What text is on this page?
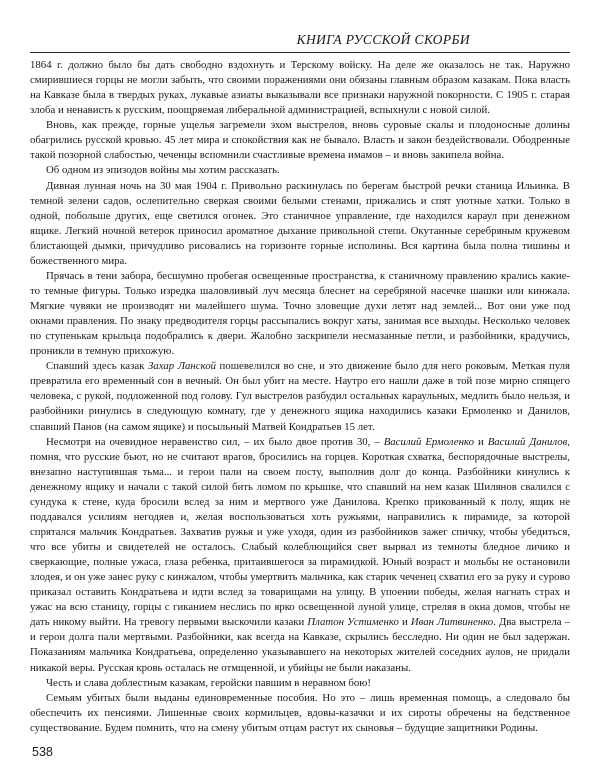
КНИГА РУССКОЙ СКОРБИ

1864 г. должно было бы дать свободно вздохнуть и Терскому войску. На деле же оказалось не так. Наружно смирившиеся горцы не могли забыть, что своими поражениями они обязаны главным образом казакам. Пока власть на Кавказе была в твердых руках, лукавые азиаты выказывали все признаки наружной покорности. С 1905 г. старая злоба и ненависть к русским, поощряемая либеральной администрацией, вспыхнули с новой силой.

Вновь, как прежде, горные ущелья загремели эхом выстрелов, вновь суровые скалы и плодоносные долины обагрились русской кровью. 45 лет мира и спокойствия как не бывало. Власть и закон бездействовали. Ободренные такой позорной слабостью, чеченцы вспомнили счастливые времена имамов – и вновь закипела война.

Об одном из эпизодов войны мы хотим рассказать.

Дивная лунная ночь на 30 мая 1904 г. Привольно раскинулась по берегам быстрой речки станица Ильинка. В темной зелени садов, ослепительно сверкая своими белыми стенами, прижались и спят уютные хатки. Только в одной, побольше других, еще светился огонек. Это станичное управление, где находился караул при денежном ящике. Легкий ночной ветерок приносил ароматное дыхание привольной степи. Окутанные серебряным кружевом блистающей дымки, причудливо рисовались на горизонте горные исполины. Вся картина была полна тишины и божественного мира.

Прячась в тени забора, бесшумно пробегая освещенные пространства, к станичному правлению крались какие-то темные фигуры. Только изредка шаловливый луч месяца блеснет на серебряной насечке шашки или кинжала. Мягкие чувяки не производят ни малейшего шума. Точно зловещие духи летят над землей... Вот они уже под окнами правления. По знаку предводителя горцы рассыпались вокруг хаты, занимая все выходы. Несколько человек по ступенькам крыльца подобрались к двери. Жалобно заскрипели несмазанные петли, и разбойники, крадучись, проникли в темную прихожую.

Спавший здесь казак Захар Ланской пошевелился во сне, и это движение было для него роковым. Меткая пуля превратила его временный сон в вечный. Он был убит на месте. Наутро его нашли даже в той позе мирно спящего человека, с рукой, подложенной под голову. Гул выстрелов разбудил остальных караульных, медлить было нельзя, и разбойники ринулись в следующую комнату, где у денежного ящика находились казаки Ермоленко и Данилов, спавший Панов (на самом ящике) и посыльный Матвей Кондратьев 15 лет.

Несмотря на очевидное неравенство сил, – их было двое против 30, – Василий Ермоленко и Василий Данилов, помня, что русские бьют, но не считают врагов, бросились на горцев. Короткая схватка, беспорядочные выстрелы, внезапно наступившая тьма... и герои пали на своем посту, выполнив долг до конца. Разбойники кинулись к денежному ящику и начали с такой силой бить ломом по крышке, что спавший на нем казак Шилянов свалился с сундука к стене, куда бросили вслед за ним и мертвого уже Данилова. Крепко прикованный к полу, ящик не поддавался усилиям негодяев и, желая воспользоваться хоть ружьями, направились к пирамиде, за которой спрятался мальчик Кондратьев. Захватив ружья и уже уходя, один из разбойников зажег спичку, чтобы убедиться, что все убиты и свидетелей не осталось. Слабый колеблющийся свет вырвал из темноты бледное личико и сверкающие, полные ужаса, глаза ребенка, притаившегося за пирамидкой. Юный возраст и мольбы не остановили злодея, и он уже занес руку с кинжалом, чтобы умертвить мальчика, как старик чеченец схватил его за руку и сурово приказал оставить Кондратьева и идти вслед за товарищами на улицу. В упоении победы, желая нагнать страх и ужас на всю станицу, горцы с гиканием неслись по ярко освещенной луной улице, стреляя в окна домов, чтобы не дать никому выйти. На тревогу первыми выскочили казаки Платон Устименко и Иван Литвиненко. Два выстрела – и герои долга пали мертвыми. Разбойники, как всегда на Кавказе, скрылись бесследно. Ни один не был задержан. Показаниям мальчика Кондратьева, определенно указывавшего на некоторых жителей соседних аулов, не придали никакой веры. Русская кровь осталась не отмщенной, и убийцы не были наказаны.

Честь и слава доблестным казакам, геройски павшим в неравном бою!

Семьям убитых были выданы единовременные пособия. Но это – лишь временная помощь, а следовало бы обеспечить их пенсиями. Лишенные своих кормильцев, вдовы-казачки и их сироты обречены на бедственное существование. Будем помнить, что на смену убитым отцам растут их сыновья – будущие защитники Родины.

538
